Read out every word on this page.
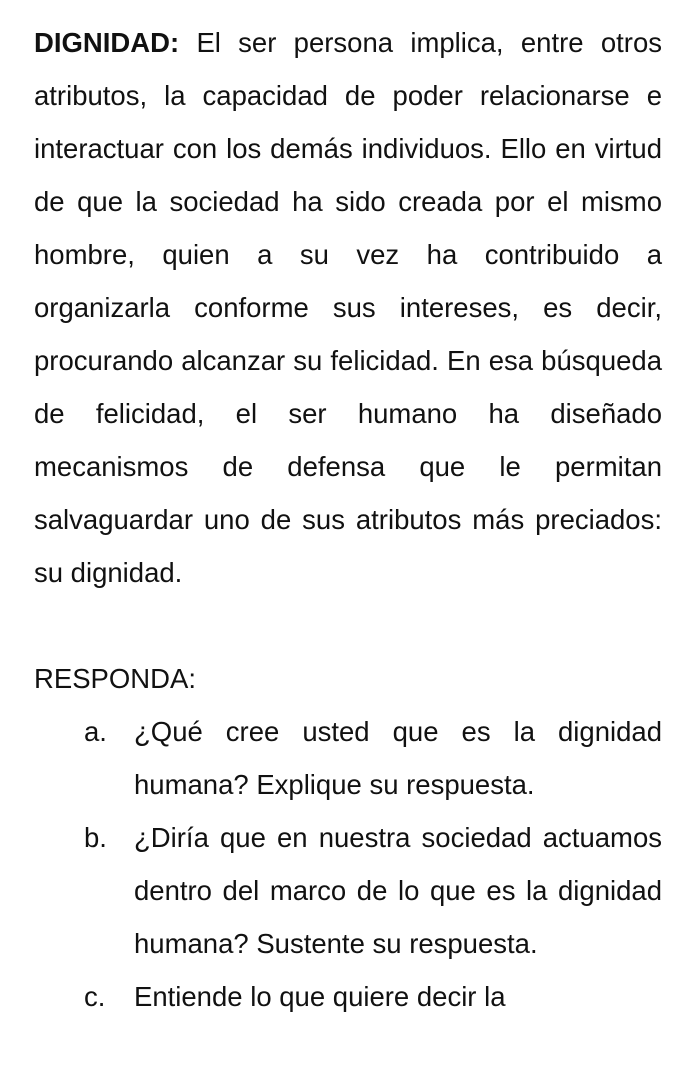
DIGNIDAD: El ser persona implica, entre otros atributos, la capacidad de poder relacionarse e interactuar con los demás individuos. Ello en virtud de que la sociedad ha sido creada por el mismo hombre, quien a su vez ha contribuido a organizarla conforme sus intereses, es decir, procurando alcanzar su felicidad. En esa búsqueda de felicidad, el ser humano ha diseñado mecanismos de defensa que le permitan salvaguardar uno de sus atributos más preciados: su dignidad.

RESPONDA:
a. ¿Qué cree usted que es la dignidad humana? Explique su respuesta.
b. ¿Diría que en nuestra sociedad actuamos dentro del marco de lo que es la dignidad humana? Sustente su respuesta.
c. Entiende lo que quiere decir la
